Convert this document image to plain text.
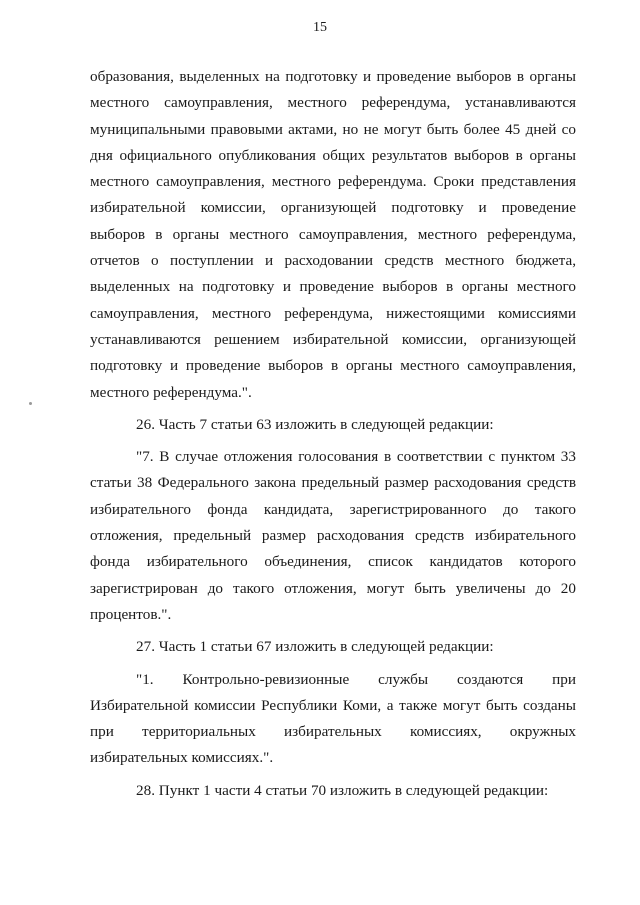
15

образования, выделенных на подготовку и проведение выборов в органы местного самоуправления, местного референдума, устанавливаются муниципальными правовыми актами, но не могут быть более 45 дней со дня официального опубликования общих результатов выборов в органы местного самоуправления, местного референдума. Сроки представления избирательной комиссии, организующей подготовку и проведение выборов в органы местного самоуправления, местного референдума, отчетов о поступлении и расходовании средств местного бюджета, выделенных на подготовку и проведение выборов в органы местного самоуправления, местного референдума, нижестоящими комиссиями устанавливаются решением избирательной комиссии, организующей подготовку и проведение выборов в органы местного самоуправления, местного референдума.".

26. Часть 7 статьи 63 изложить в следующей редакции:

"7. В случае отложения голосования в соответствии с пунктом 33 статьи 38 Федерального закона предельный размер расходования средств избирательного фонда кандидата, зарегистрированного до такого отложения, предельный размер расходования средств избирательного фонда избирательного объединения, список кандидатов которого зарегистрирован до такого отложения, могут быть увеличены до 20 процентов.".

27. Часть 1 статьи 67 изложить в следующей редакции:

"1. Контрольно-ревизионные службы создаются при Избирательной комиссии Республики Коми, а также могут быть созданы при территориальных избирательных комиссиях, окружных избирательных комиссиях.".

28. Пункт 1 части 4 статьи 70 изложить в следующей редакции:
